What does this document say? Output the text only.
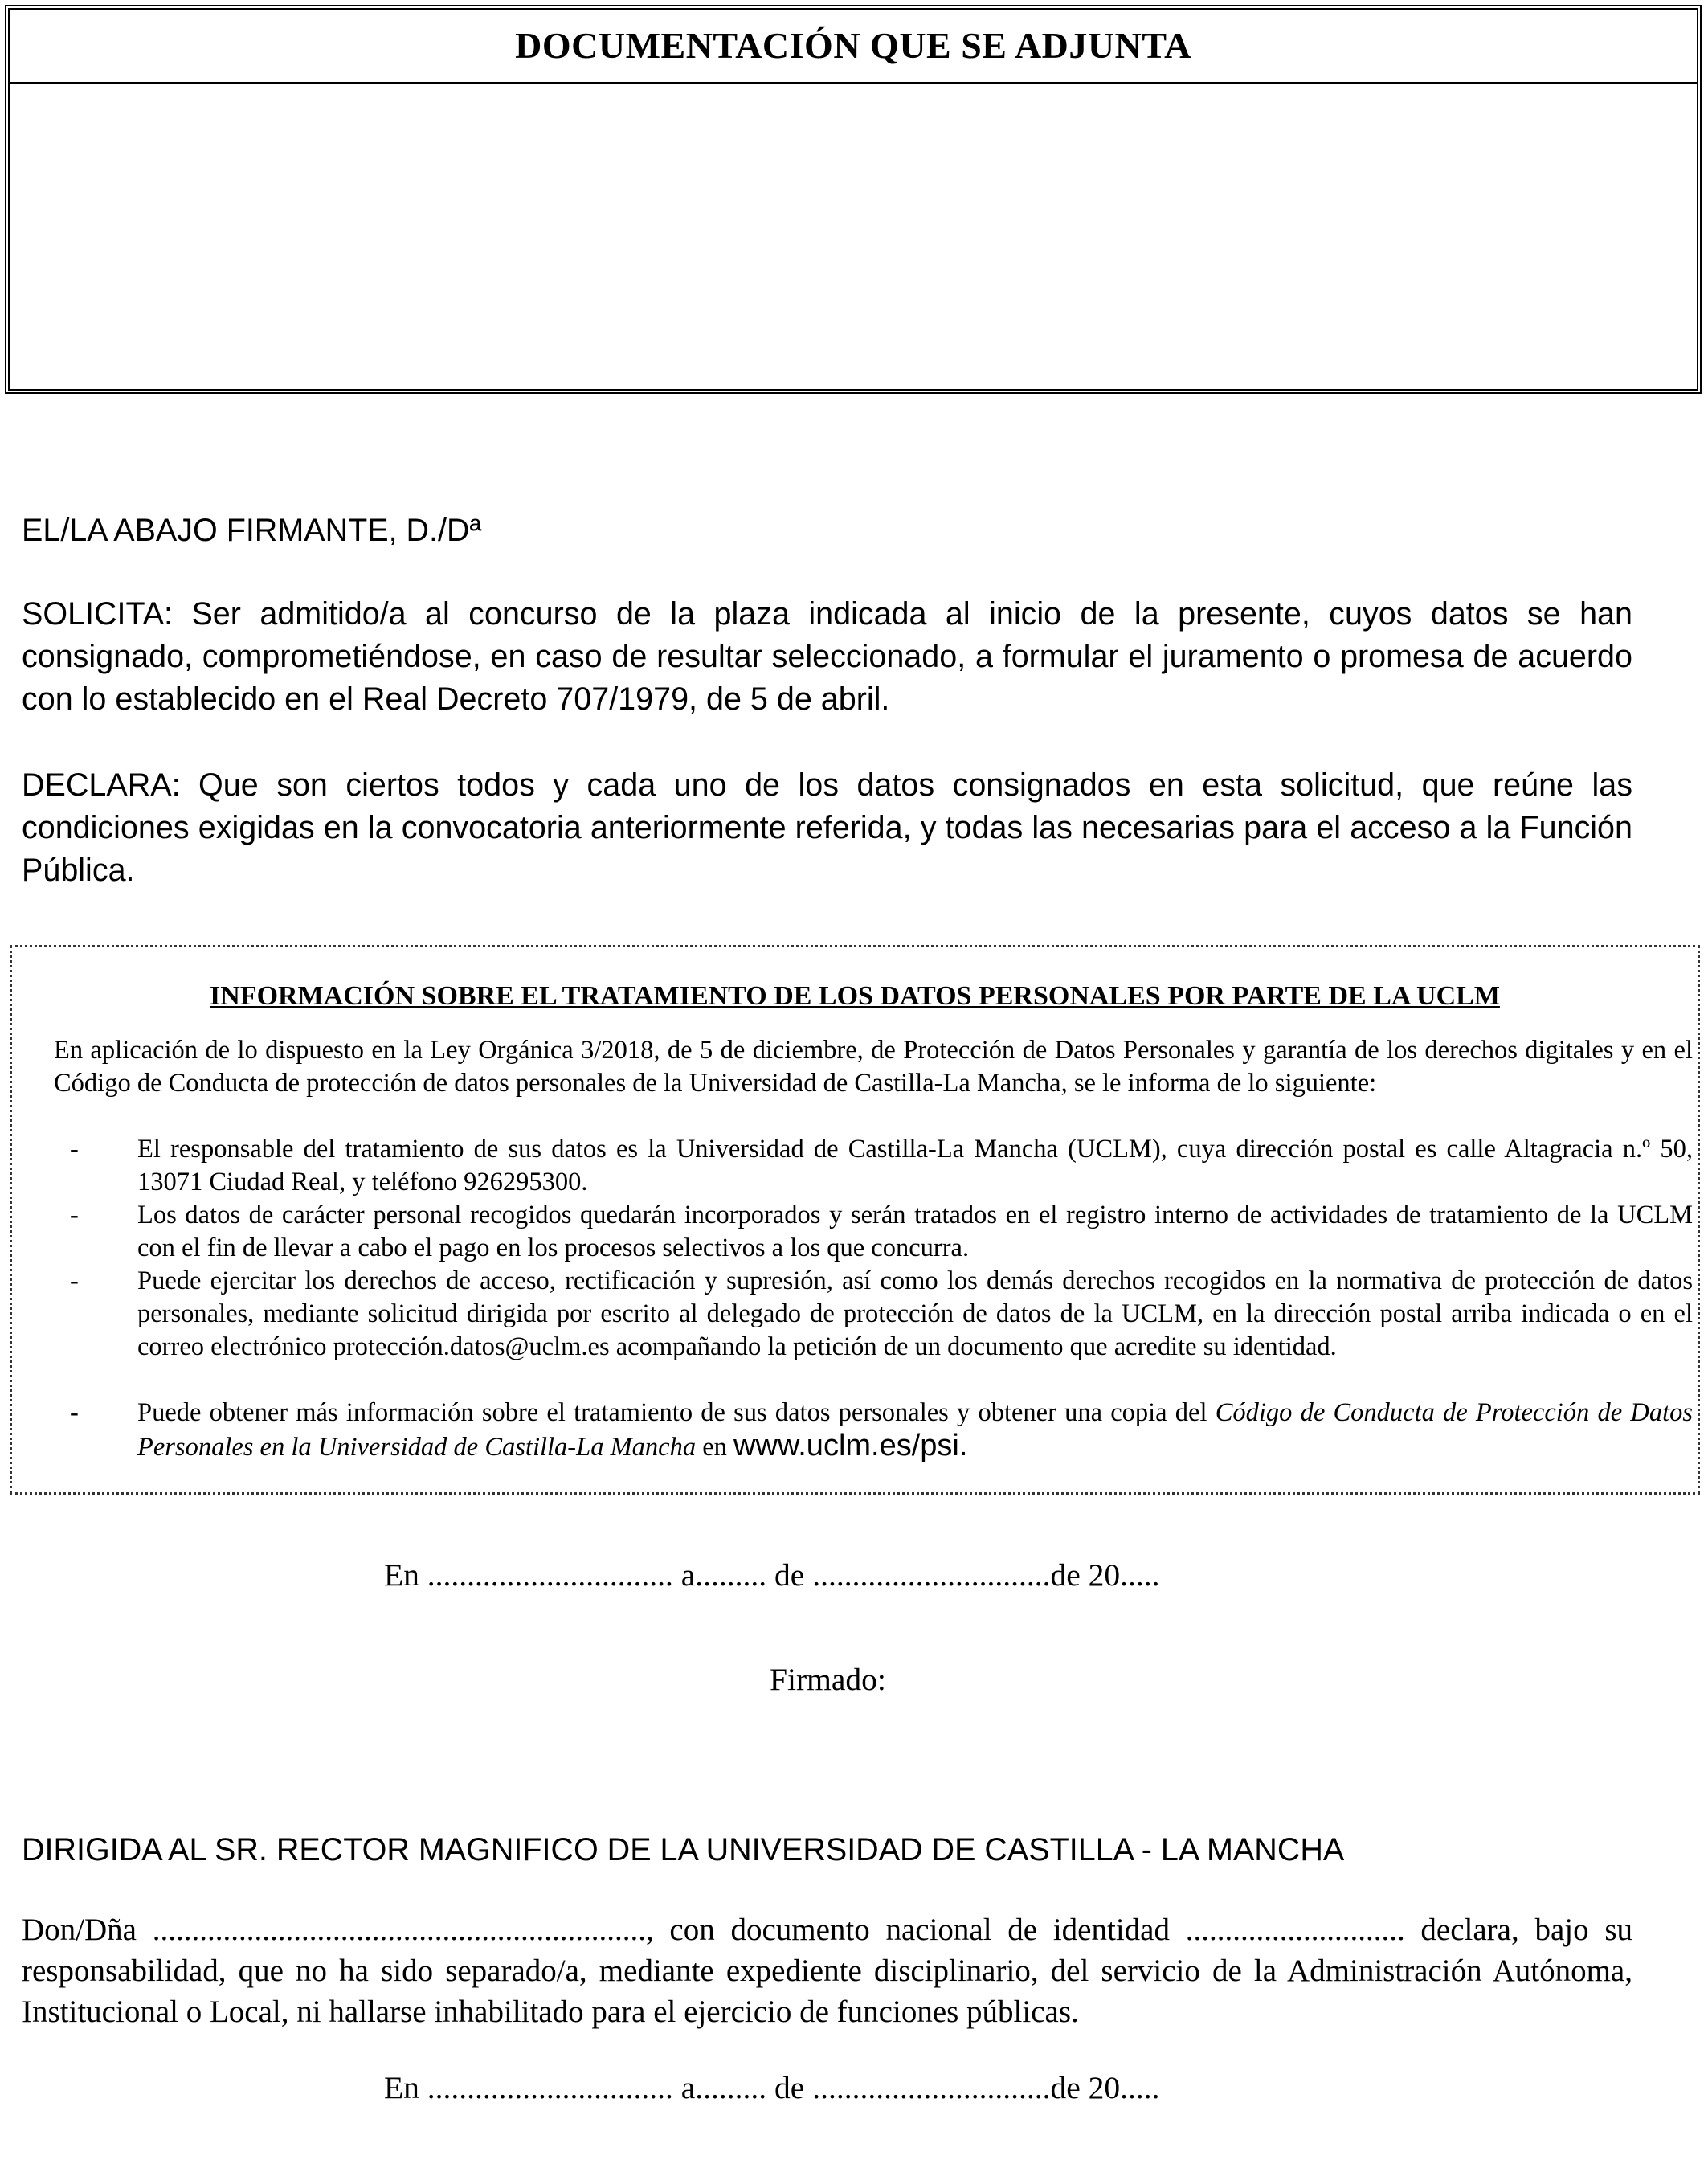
DOCUMENTACIÓN QUE SE ADJUNTA
EL/LA ABAJO FIRMANTE, D./Dª
SOLICITA: Ser admitido/a al concurso de la plaza indicada al inicio de la presente, cuyos datos se han consignado, comprometiéndose, en caso de resultar seleccionado, a formular el juramento o promesa de acuerdo con lo establecido en el Real Decreto 707/1979, de 5 de abril.
DECLARA: Que son ciertos todos y cada uno de los datos consignados en esta solicitud, que reúne las condiciones exigidas en la convocatoria anteriormente referida, y todas las necesarias para el acceso a la Función Pública.
INFORMACIÓN SOBRE EL TRATAMIENTO DE LOS DATOS PERSONALES POR PARTE DE LA UCLM
En aplicación de lo dispuesto en la Ley Orgánica 3/2018, de 5 de diciembre, de Protección de Datos Personales y garantía de los derechos digitales y en el Código de Conducta de protección de datos personales de la Universidad de Castilla-La Mancha, se le informa de lo siguiente:
- El responsable del tratamiento de sus datos es la Universidad de Castilla-La Mancha (UCLM), cuya dirección postal es calle Altagracia n.º 50, 13071 Ciudad Real, y teléfono 926295300.
- Los datos de carácter personal recogidos quedarán incorporados y serán tratados en el registro interno de actividades de tratamiento de la UCLM con el fin de llevar a cabo el pago en los procesos selectivos a los que concurra.
- Puede ejercitar los derechos de acceso, rectificación y supresión, así como los demás derechos recogidos en la normativa de protección de datos personales, mediante solicitud dirigida por escrito al delegado de protección de datos de la UCLM, en la dirección postal arriba indicada o en el correo electrónico protección.datos@uclm.es acompañando la petición de un documento que acredite su identidad.
- Puede obtener más información sobre el tratamiento de sus datos personales y obtener una copia del Código de Conducta de Protección de Datos Personales en la Universidad de Castilla-La Mancha en www.uclm.es/psi.
En ............................... a......... de ..............................de 20.....
Firmado:
DIRIGIDA AL SR. RECTOR MAGNIFICO DE LA UNIVERSIDAD DE CASTILLA - LA MANCHA
Don/Dña ..............................................................., con documento nacional de identidad ............................ declara, bajo su responsabilidad, que no ha sido separado/a, mediante expediente disciplinario, del servicio de la Administración Autónoma, Institucional o Local, ni hallarse inhabilitado para el ejercicio de funciones públicas.
En ............................... a......... de ..............................de 20.....
